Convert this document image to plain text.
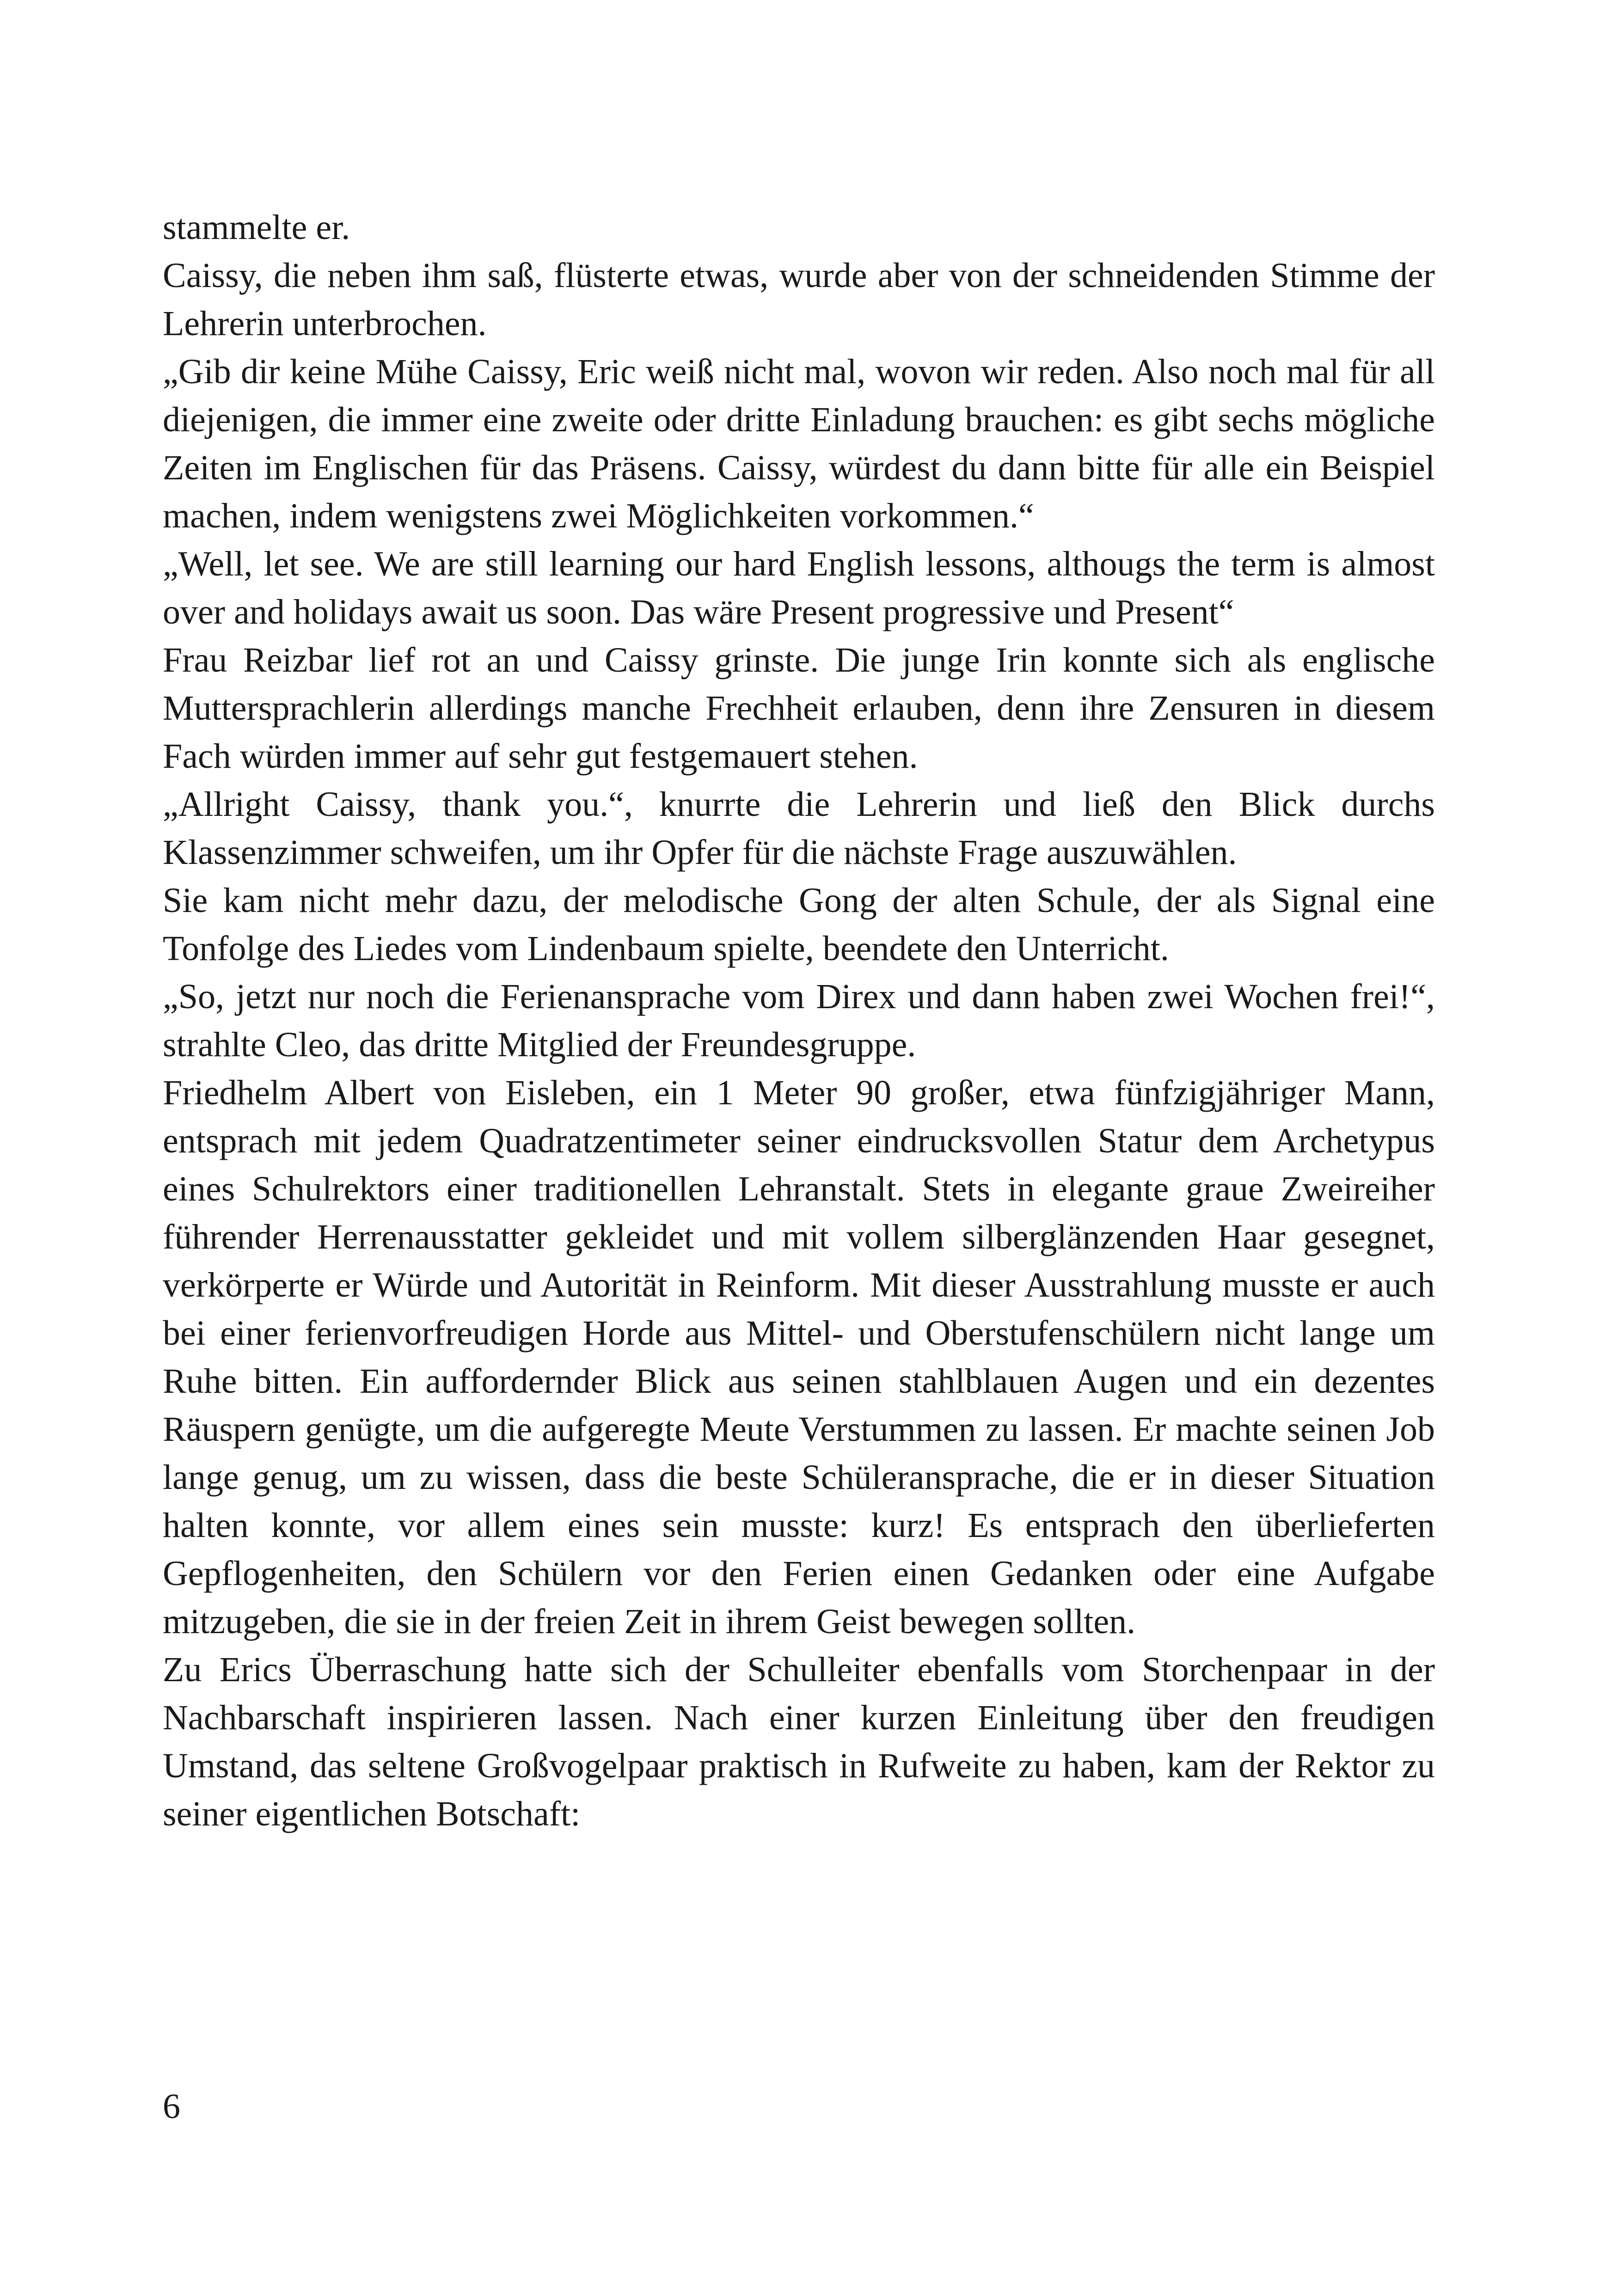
stammelte er.

Caissy, die neben ihm saß, flüsterte etwas, wurde aber von der schneidenden Stimme der Lehrerin unterbrochen.

„Gib dir keine Mühe Caissy, Eric weiß nicht mal, wovon wir reden. Also noch mal für all diejenigen, die immer eine zweite oder dritte Einladung brauchen: es gibt sechs mögliche Zeiten im Englischen für das Präsens. Caissy, würdest du dann bitte für alle ein Beispiel machen, indem wenigstens zwei Möglichkeiten vorkommen.“

„Well, let see. We are still learning our hard English lessons, althougs the term is almost over and holidays await us soon. Das wäre Present progressive und Present“

Frau Reizbar lief rot an und Caissy grinste. Die junge Irin konnte sich als englische Muttersprachlerin allerdings manche Frechheit erlauben, denn ihre Zensuren in diesem Fach würden immer auf sehr gut festgemauert stehen.

„Allright Caissy, thank you.“, knurrte die Lehrerin und ließ den Blick durchs Klassenzimmer schweifen, um ihr Opfer für die nächste Frage auszuwählen.

Sie kam nicht mehr dazu, der melodische Gong der alten Schule, der als Signal eine Tonfolge des Liedes vom Lindenbaum spielte, beendete den Unterricht.

„So, jetzt nur noch die Ferienansprache vom Direx und dann haben zwei Wochen frei!“, strahlte Cleo, das dritte Mitglied der Freundesgruppe.

Friedhelm Albert von Eisleben, ein 1 Meter 90 großer, etwa fünfzigjähriger Mann, entsprach mit jedem Quadratzentimeter seiner eindrucksvollen Statur dem Archetypus eines Schulrektors einer traditionellen Lehranstalt. Stets in elegante graue Zweireiher führender Herrenausstatter gekleidet und mit vollem silberglänzenden Haar gesegnet, verkörperte er Würde und Autorität in Reinform. Mit dieser Ausstrahlung musste er auch bei einer ferienvorfreudigen Horde aus Mittel- und Oberstufenschülern nicht lange um Ruhe bitten. Ein auffordernder Blick aus seinen stahlblauen Augen und ein dezentes Räuspern genügte, um die aufgeregte Meute Verstummen zu lassen. Er machte seinen Job lange genug, um zu wissen, dass die beste Schüleransprache, die er in dieser Situation halten konnte, vor allem eines sein musste: kurz! Es entsprach den überlieferten Gepflogenheiten, den Schülern vor den Ferien einen Gedanken oder eine Aufgabe mitzugeben, die sie in der freien Zeit in ihrem Geist bewegen sollten.

Zu Erics Überraschung hatte sich der Schulleiter ebenfalls vom Storchenpaar in der Nachbarschaft inspirieren lassen. Nach einer kurzen Einleitung über den freudigen Umstand, das seltene Großvogelpaar praktisch in Rufweite zu haben, kam der Rektor zu seiner eigentlichen Botschaft:

6
